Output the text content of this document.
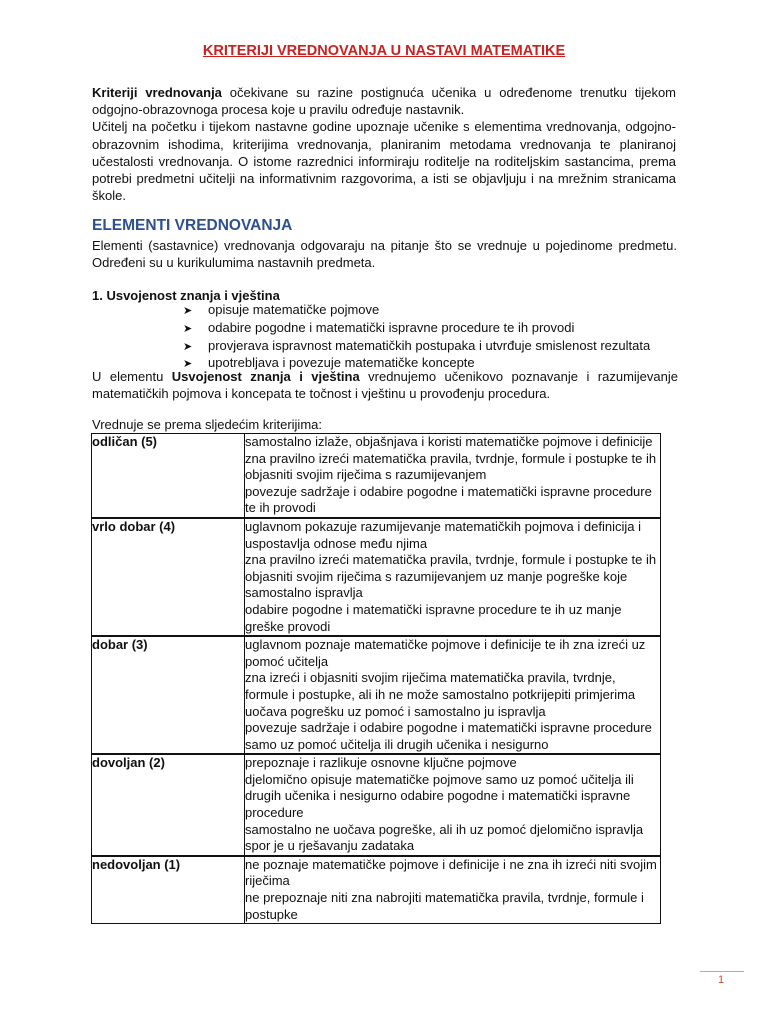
KRITERIJI VREDNOVANJA U NASTAVI MATEMATIKE
Kriteriji vrednovanja očekivane su razine postignuća učenika u određenome trenutku tijekom odgojno-obrazovnoga procesa koje u pravilu određuje nastavnik.
Učitelj na početku i tijekom nastavne godine upoznaje učenike s elementima vrednovanja, odgojno-obrazovnim ishodima, kriterijima vrednovanja, planiranim metodama vrednovanja te planiranoj učestalosti vrednovanja. O istome razrednici informiraju roditelje na roditeljskim sastancima, prema potrebi predmetni učitelji na informativnim razgovorima, a isti se objavljuju i na mrežnim stranicama škole.
ELEMENTI VREDNOVANJA
Elementi (sastavnice) vrednovanja odgovaraju na pitanje što se vrednuje u pojedinome predmetu. Određeni su u kurikulumima nastavnih predmeta.
1. Usvojenost znanja i vještina
➤ opisuje matematičke pojmove
➤ odabire pogodne i matematički ispravne procedure te ih provodi
➤ provjerava ispravnost matematičkih postupaka i utvrđuje smislenost rezultata
➤ upotrebljava i povezuje matematičke koncepte
U elementu Usvojenost znanja i vještina vrednujemo učenikovo poznavanje i razumijevanje matematičkih pojmova i koncepata te točnost i vještinu u provođenju procedura.
Vrednuje se prema sljedećim kriterijima:
odličan (5)	samostalno izlaže, objašnjava i koristi matematičke pojmove i definicije
zna pravilno izreći matematička pravila, tvrdnje, formule i postupke te ih objasniti svojim riječima s razumijevanjem
povezuje sadržaje i odabire pogodne i matematički ispravne procedure te ih provodi

vrlo dobar (4)	uglavnom pokazuje razumijevanje matematičkih pojmova i definicija i uspostavlja odnose među njima
zna pravilno izreći matematička pravila, tvrdnje, formule i postupke te ih objasniti svojim riječima s razumijevanjem uz manje pogreške koje samostalno ispravlja
odabire pogodne i matematički ispravne procedure te ih uz manje greške provodi

dobar (3)	uglavnom poznaje matematičke pojmove i definicije te ih zna izreći uz pomoć učitelja
zna izreći i objasniti svojim riječima matematička pravila, tvrdnje, formule i postupke, ali ih ne može samostalno potkrijepiti primjerima uočava pogrešku uz pomoć i samostalno ju ispravlja
povezuje sadržaje i odabire pogodne i matematički ispravne procedure samo uz pomoć učitelja ili drugih učenika i nesigurno

dovoljan (2)	prepoznaje i razlikuje osnovne ključne pojmove
djelomično opisuje matematičke pojmove samo uz pomoć učitelja ili drugih učenika i nesigurno odabire pogodne i matematički ispravne procedure
samostalno ne uočava pogreške, ali ih uz pomoć djelomično ispravlja spor je u rješavanju zadataka

nedovoljan (1)	ne poznaje matematičke pojmove i definicije i ne zna ih izreći niti svojim riječima
ne prepoznaje niti zna nabrojiti matematička pravila, tvrdnje, formule i postupke
1
